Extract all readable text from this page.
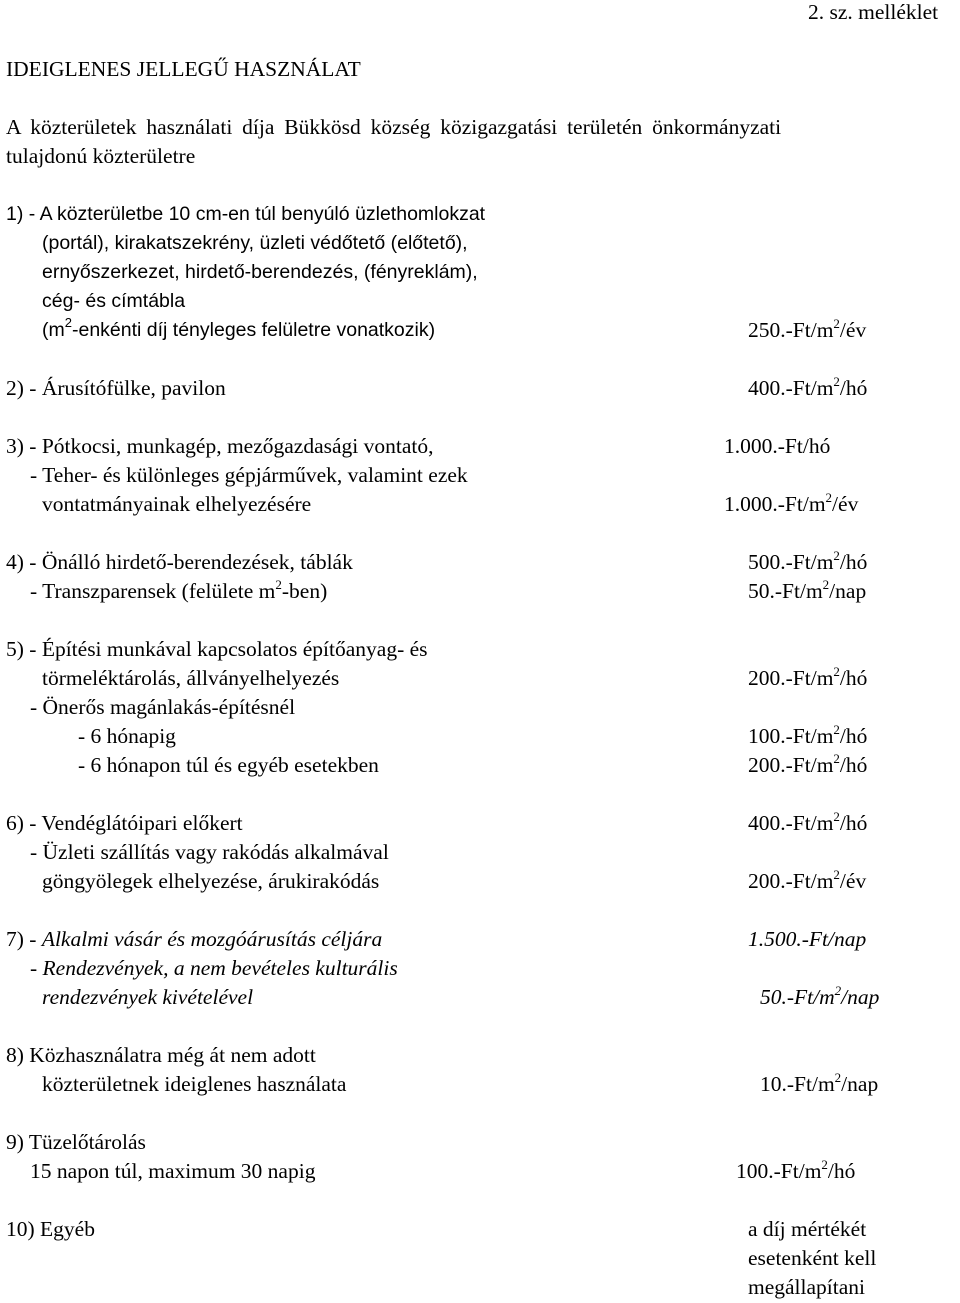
2. sz. melléklet
IDEIGLENES JELLEGŰ HASZNÁLAT
A közterületek használati díja Bükkösd község közigazgatási területén önkormányzati
tulajdonú közterületre
1) - A közterületbe 10 cm-en túl benyúló üzlethomlokzat
(portál), kirakatszekrény, üzleti védőtető (előtető),
ernyőszerkezet, hirdető-berendezés, (fényreklám),
cég- és címtábla
($m^2$-enkénti díj tényleges felületre vonatkozik)	$250.-Ft/m^2/év$
2) - Árusítófülke, pavilon	$400.-Ft/m^2/hó$
3) - Pótkocsi, munkagép, mezőgazdasági vontató,	1.000.-Ft/hó
- Teher- és különleges gépjárművek, valamint ezek
vontatmányainak elhelyezésére	$1.000.-Ft/m^2/év$
4) - Önálló hirdető-berendezések, táblák	$500.-Ft/m^2/hó$
- Transzparensek (felülete $m^2-ben$)	$50.-Ft/m^2$/nap
5) - Építési munkával kapcsolatos építőanyag- és
törmeléktárolás, állványelhelyezés	$200.-Ft/m^2/hó$
- Önerős magánlakás-építésnél
- 6 hónapig	$100.-Ft/m^2/hó$
- 6 hónapon túl és egyéb esetekben	$200.-Ft/m^2/hó$
6) - Vendéglátóipari előkert	$400.-Ft/m^2/hó$
- Üzleti szállítás vagy rakódás alkalmával
göngyölegek elhelyezése, árukirakódás	$200.-Ft/m^2/év$
7) - Alkalmi vásár és mozgóárusítás céljára	1.500.-Ft/nap
- Rendezvények, a nem bevételes kulturális
rendezvények kivételével	$50.-Ft/m^2$/nap
8) Közhasználatra még át nem adott
közterületnek ideiglenes használata	$10.-Ft/m^2$/nap
9) Tüzelőtárolás
15 napon túl, maximum 30 napig	$100.-Ft/m^2/hó$
10) Egyéb	a díj mértékét
esetenként kell
megállapítani
